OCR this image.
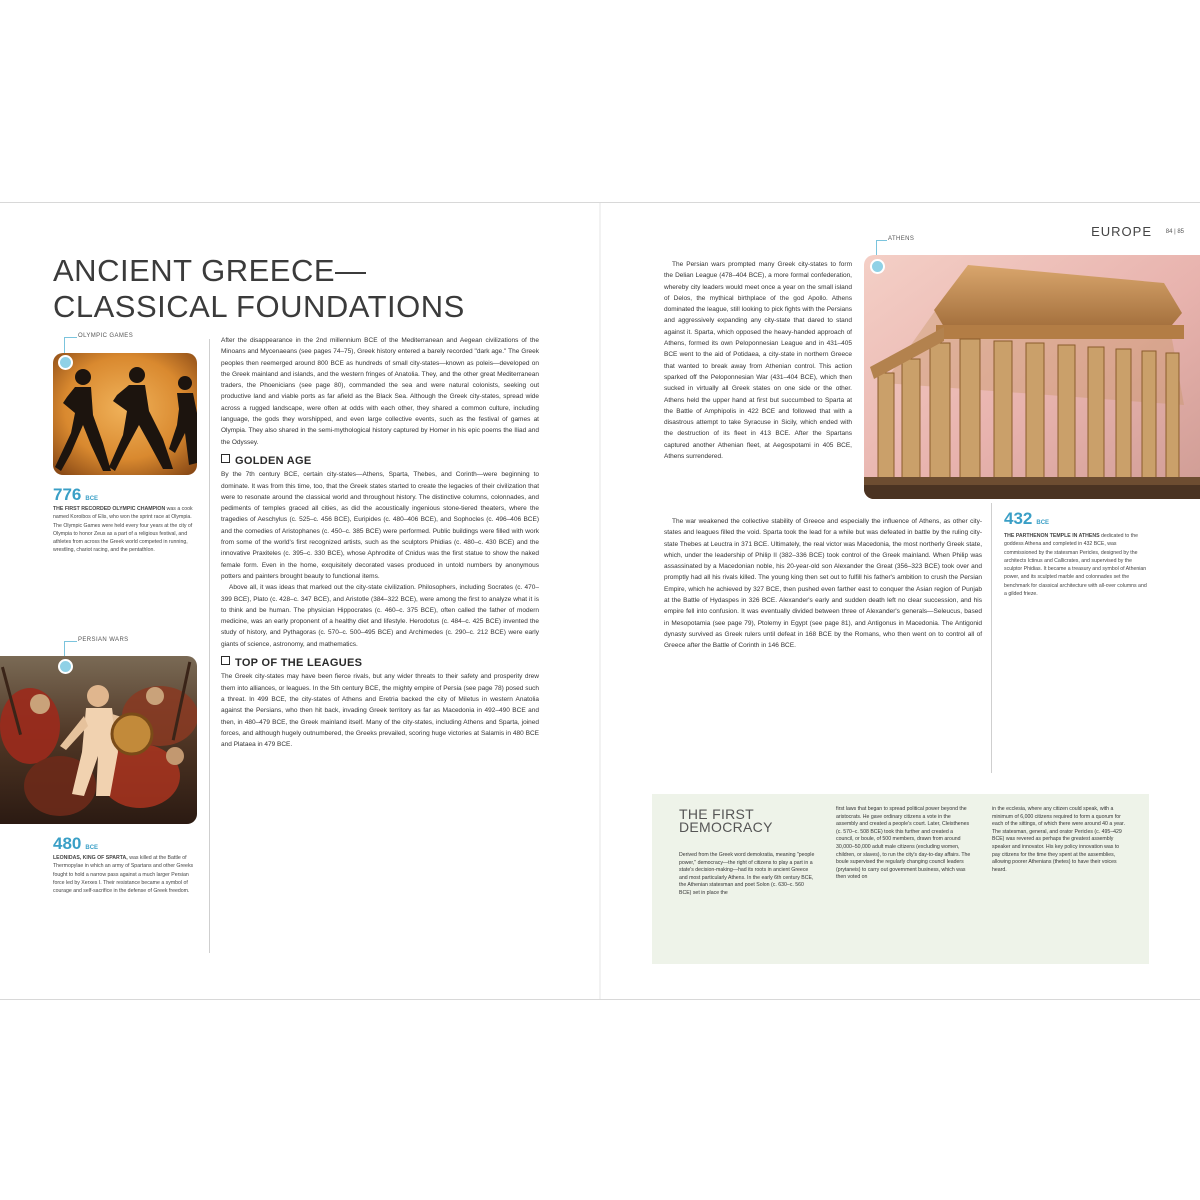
ANCIENT GREECE—
CLASSICAL FOUNDATIONS
OLYMPIC GAMES
776 BCE
THE FIRST RECORDED OLYMPIC CHAMPION was a cook named Koroibos of Elis, who won the sprint race at Olympia. The Olympic Games were held every four years at the city of Olympia to honor Zeus as a part of a religious festival, and athletes from across the Greek world competed in running, wrestling, chariot racing, and the pentathlon.
PERSIAN WARS
480 BCE
LEONIDAS, KING OF SPARTA, was killed at the Battle of Thermopylae in which an army of Spartans and other Greeks fought to hold a narrow pass against a much larger Persian force led by Xerxes I. Their resistance became a symbol of courage and self-sacrifice in the defense of Greek freedom.

After the disappearance in the 2nd millennium BCE of the Mediterranean and Aegean civilizations of the Minoans and Mycenaeans (see pages 74–75), Greek history entered a barely recorded "dark age." The Greek peoples then reemerged around 800 BCE as hundreds of small city-states—known as poleis—developed on the Greek mainland and islands, and the western fringes of Anatolia. They, and the other great Mediterranean traders, the Phoenicians (see page 80), commanded the sea and were natural colonists, seeking out productive land and viable ports as far afield as the Black Sea. Although the Greek city-states, spread wide across a rugged landscape, were often at odds with each other, they shared a common culture, including language, the gods they worshipped, and even large collective events, such as the festival of games at Olympia. They also shared in the semi-mythological history captured by Homer in his epic poems the Iliad and the Odyssey.

GOLDEN AGE

By the 7th century BCE, certain city-states—Athens, Sparta, Thebes, and Corinth—were beginning to dominate. It was from this time, too, that the Greek states started to create the legacies of their civilization that were to resonate around the classical world and throughout history. The distinctive columns, colonnades, and pediments of temples graced all cities, as did the acoustically ingenious stone-tiered theaters, where the tragedies of Aeschylus (c. 525–c. 456 BCE), Euripides (c. 480–406 BCE), and Sophocles (c. 496–406 BCE) and the comedies of Aristophanes (c. 450–c. 385 BCE) were performed. Public buildings were filled with work from some of the world's first recognized artists, such as the sculptors Phidias (c. 480–c. 430 BCE) and the innovative Praxiteles (c. 395–c. 330 BCE), whose Aphrodite of Cnidus was the first statue to show the naked female form. Even in the home, exquisitely decorated vases produced in untold numbers by anonymous potters and painters brought beauty to functional items.

Above all, it was ideas that marked out the city-state civilization. Philosophers, including Socrates (c. 470–399 BCE), Plato (c. 428–c. 347 BCE), and Aristotle (384–322 BCE), were among the first to analyze what it is to think and be human. The physician Hippocrates (c. 460–c. 375 BCE), often called the father of modern medicine, was an early proponent of a healthy diet and lifestyle. Herodotus (c. 484–c. 425 BCE) invented the study of history, and Pythagoras (c. 570–c. 500–495 BCE) and Archimedes (c. 290–c. 212 BCE) were early giants of science, astronomy, and mathematics.

TOP OF THE LEAGUES

The Greek city-states may have been fierce rivals, but any wider threats to their safety and prosperity drew them into alliances, or leagues. In the 5th century BCE, the mighty empire of Persia (see page 78) posed such a threat. In 499 BCE, the city-states of Athens and Eretria backed the city of Miletus in western Anatolia against the Persians, who then hit back, invading Greek territory as far as Macedonia in 492–490 BCE and then, in 480–479 BCE, the Greek mainland itself. Many of the city-states, including Athens and Sparta, joined forces, and although hugely outnumbered, the Greeks prevailed, scoring huge victories at Salamis in 480 BCE and Plataea in 479 BCE.

EUROPE 84 | 85

The Persian wars prompted many Greek city-states to form the Delian League (478–404 BCE), a more formal confederation, whereby city leaders would meet once a year on the small island of Delos, the mythical birthplace of the god Apollo. Athens dominated the league, still looking to pick fights with the Persians and aggressively expanding any city-state that dared to stand against it. Sparta, which opposed the heavy-handed approach of Athens, formed its own Peloponnesian League and in 431–405 BCE went to the aid of Potidaea, a city-state in northern Greece that wanted to break away from Athenian control. This action sparked off the Peloponnesian War (431–404 BCE), which then sucked in virtually all Greek states on one side or the other. Athens held the upper hand at first but succumbed to Sparta at the Battle of Amphipolis in 422 BCE and followed that with a disastrous attempt to take Syracuse in Sicily, which ended with the destruction of its fleet in 413 BCE. After the Spartans captured another Athenian fleet, at Aegospotami in 405 BCE, Athens surrendered.

ATHENS
432 BCE
THE PARTHENON TEMPLE IN ATHENS dedicated to the goddess Athena and completed in 432 BCE, was commissioned by the statesman Pericles, designed by the architects Ictinus and Callicrates, and supervised by the sculptor Phidias. It became a treasury and symbol of Athenian power, and its sculpted marble and colonnades set the benchmark for classical architecture with all-over columns and a gilded frieze.

The war weakened the collective stability of Greece and especially the influence of Athens, as other city-states and leagues filled the void. Sparta took the lead for a while but was defeated in battle by the ruling city-state Thebes at Leuctra in 371 BCE. Ultimately, the real victor was Macedonia, the most northerly Greek state, which, under the leadership of Philip II (382–336 BCE) took control of the Greek mainland. When Philip was assassinated by a Macedonian noble, his 20-year-old son Alexander the Great (356–323 BCE) took over and promptly had all his rivals killed. The young king then set out to fulfill his father's ambition to crush the Persian Empire, which he achieved by 327 BCE, then pushed even farther east to conquer the Asian region of Punjab at the Battle of Hydaspes in 326 BCE. Alexander's early and sudden death left no clear succession, and his empire fell into confusion. It was eventually divided between three of Alexander's generals—Seleucus, based in Mesopotamia (see page 79), Ptolemy in Egypt (see page 81), and Antigonus in Macedonia. The Antigonid dynasty survived as Greek rulers until defeat in 168 BCE by the Romans, who then went on to control all of Greece after the Battle of Corinth in 146 BCE.

THE FIRST
DEMOCRACY
Derived from the Greek word demokratia, meaning "people power," democracy—the right of citizens to play a part in a state's decision-making—had its roots in ancient Greece and most particularly Athens. In the early 6th century BCE, the Athenian statesman and poet Solon (c. 630–c. 560 BCE) set in place the
first laws that began to spread political power beyond the aristocrats. He gave ordinary citizens a vote in the assembly and created a people's court. Later, Cleisthenes (c. 570–c. 508 BCE) took this further and created a council, or boule, of 500 members, drawn from around 30,000–50,000 adult male citizens (excluding women, children, or slaves), to run the city's day-to-day affairs. The boule supervised the regularly changing council leaders (prytaneis) to carry out government business, which was then voted on
in the ecclesia, where any citizen could speak, with a minimum of 6,000 citizens required to form a quorum for each of the sittings, of which there were around 40 a year. The statesman, general, and orator Pericles (c. 495–429 BCE) was revered as perhaps the greatest assembly speaker and innovator. His key policy innovation was to pay citizens for the time they spent at the assemblies, allowing poorer Athenians (thetes) to have their voices heard.
